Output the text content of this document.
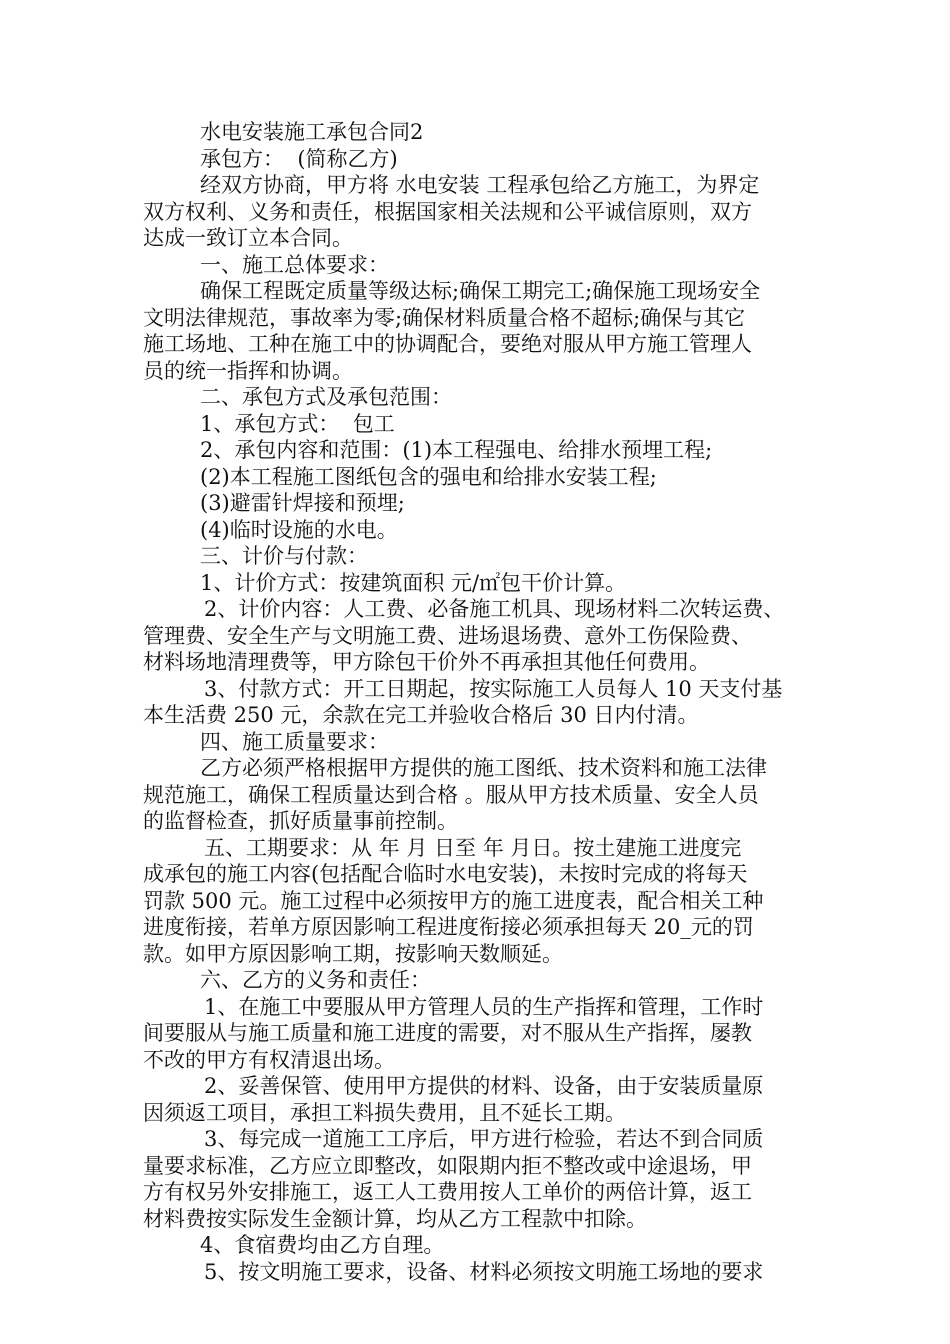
水电安装施工承包合同2
承包方：  (简称乙方)
经双方协商，甲方将 水电安装 工程承包给乙方施工，为界定
双方权利、义务和责任，根据国家相关法规和公平诚信原则，双方
达成一致订立本合同。
一、施工总体要求：
确保工程既定质量等级达标;确保工期完工;确保施工现场安全
文明法律规范，事故率为零;确保材料质量合格不超标;确保与其它
施工场地、工种在施工中的协调配合，要绝对服从甲方施工管理人
员的统一指挥和协调。
二、承包方式及承包范围：
1、承包方式：  包工
2、承包内容和范围：(1)本工程强电、给排水预埋工程;
(2)本工程施工图纸包含的强电和给排水安装工程;
(3)避雷针焊接和预埋;
(4)临时设施的水电。
三、计价与付款：
1、计价方式：按建筑面积 元/㎡包干价计算。
2、计价内容：人工费、必备施工机具、现场材料二次转运费、
管理费、安全生产与文明施工费、进场退场费、意外工伤保险费、
材料场地清理费等，甲方除包干价外不再承担其他任何费用。
3、付款方式：开工日期起，按实际施工人员每人 10 天支付基
本生活费 250 元，余款在完工并验收合格后 30 日内付清。
四、施工质量要求：
乙方必须严格根据甲方提供的施工图纸、技术资料和施工法律
规范施工，确保工程质量达到合格 。服从甲方技术质量、安全人员
的监督检查，抓好质量事前控制。
五、工期要求：从 年 月 日至 年 月日。按土建施工进度完
成承包的施工内容(包括配合临时水电安装)，未按时完成的将每天
罚款 500 元。施工过程中必须按甲方的施工进度表，配合相关工种
进度衔接，若单方原因影响工程进度衔接必须承担每天 20_元的罚
款。如甲方原因影响工期，按影响天数顺延。
六、乙方的义务和责任：
1、在施工中要服从甲方管理人员的生产指挥和管理，工作时
间要服从与施工质量和施工进度的需要，对不服从生产指挥，屡教
不改的甲方有权清退出场。
2、妥善保管、使用甲方提供的材料、设备，由于安装质量原
因须返工项目，承担工料损失费用，且不延长工期。
3、每完成一道施工工序后，甲方进行检验，若达不到合同质
量要求标准，乙方应立即整改，如限期内拒不整改或中途退场，甲
方有权另外安排施工，返工人工费用按人工单价的两倍计算，返工
材料费按实际发生金额计算，均从乙方工程款中扣除。
4、食宿费均由乙方自理。
5、按文明施工要求，设备、材料必须按文明施工场地的要求
